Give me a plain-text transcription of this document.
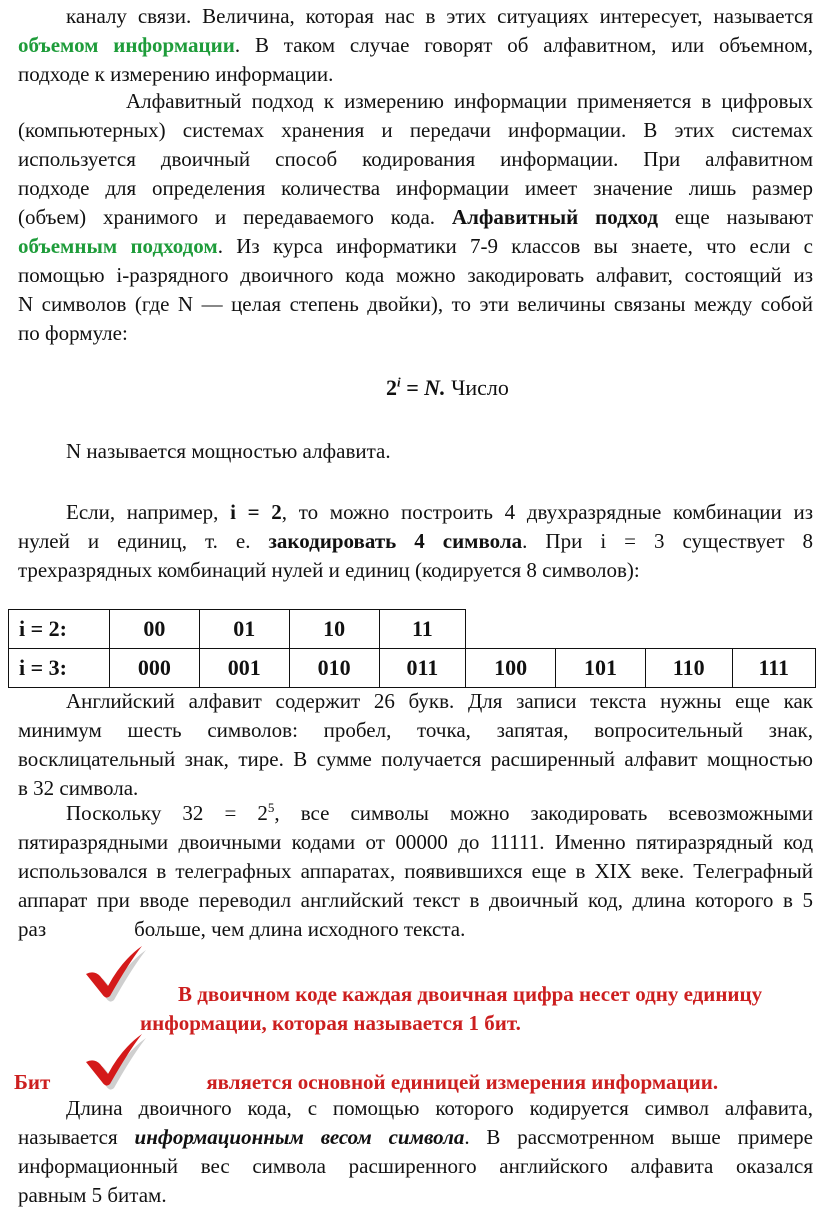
каналу связи. Величина, которая нас в этих ситуациях интересует, называется
объемом информации. В таком случае говорят об алфавитном, или объемном,
подходе к измерению информации.
Алфавитный подход к измерению информации применяется в цифровых
(компьютерных) системах хранения и передачи информации. В этих системах
используется двоичный способ кодирования информации. При алфавитном
подходе для определения количества информации имеет значение лишь размер
(объем) хранимого и передаваемого кода. Алфавитный подход еще называют
объемным подходом. Из курса информатики 7-9 классов вы знаете, что если с
помощью i-разрядного двоичного кода можно закодировать алфавит, состоящий из
N символов (где N — целая степень двойки), то эти величины связаны между собой
по формуле:
$2^i = N$. Число
N называется мощностью алфавита.
Если, например, i = 2, то можно построить 4 двухразрядные комбинации из
нулей и единиц, т. е. закодировать 4 символа. При i = 3 существует 8
трехразрядных комбинаций нулей и единиц (кодируется 8 символов):
i = 2:	00	01	10	11				
i = 3:	000	001	010	011	100	101	110	111
Английский алфавит содержит 26 букв. Для записи текста нужны еще как
минимум шесть символов: пробел, точка, запятая, вопросительный знак,
восклицательный знак, тире. В сумме получается расширенный алфавит мощностью
в 32 символа.
Поскольку $32 = 2^5$, все символы можно закодировать всевозможными
пятиразрядными двоичными кодами от 00000 до 11111. Именно пятиразрядный код
использовался в телеграфных аппаратах, появившихся еще в XIX веке. Телеграфный
аппарат при вводе переводил английский текст в двоичный код, длина которого в 5
раз	больше, чем длина исходного текста.
В двоичном коде каждая двоичная цифра несет одну единицу
информации, которая называется 1 бит.
Бит	является основной единицей измерения информации.
Длина двоичного кода, с помощью которого кодируется символ алфавита,
называется информационным весом символа. В рассмотренном выше примере
информационный вес символа расширенного английского алфавита оказался
равным 5 битам.
